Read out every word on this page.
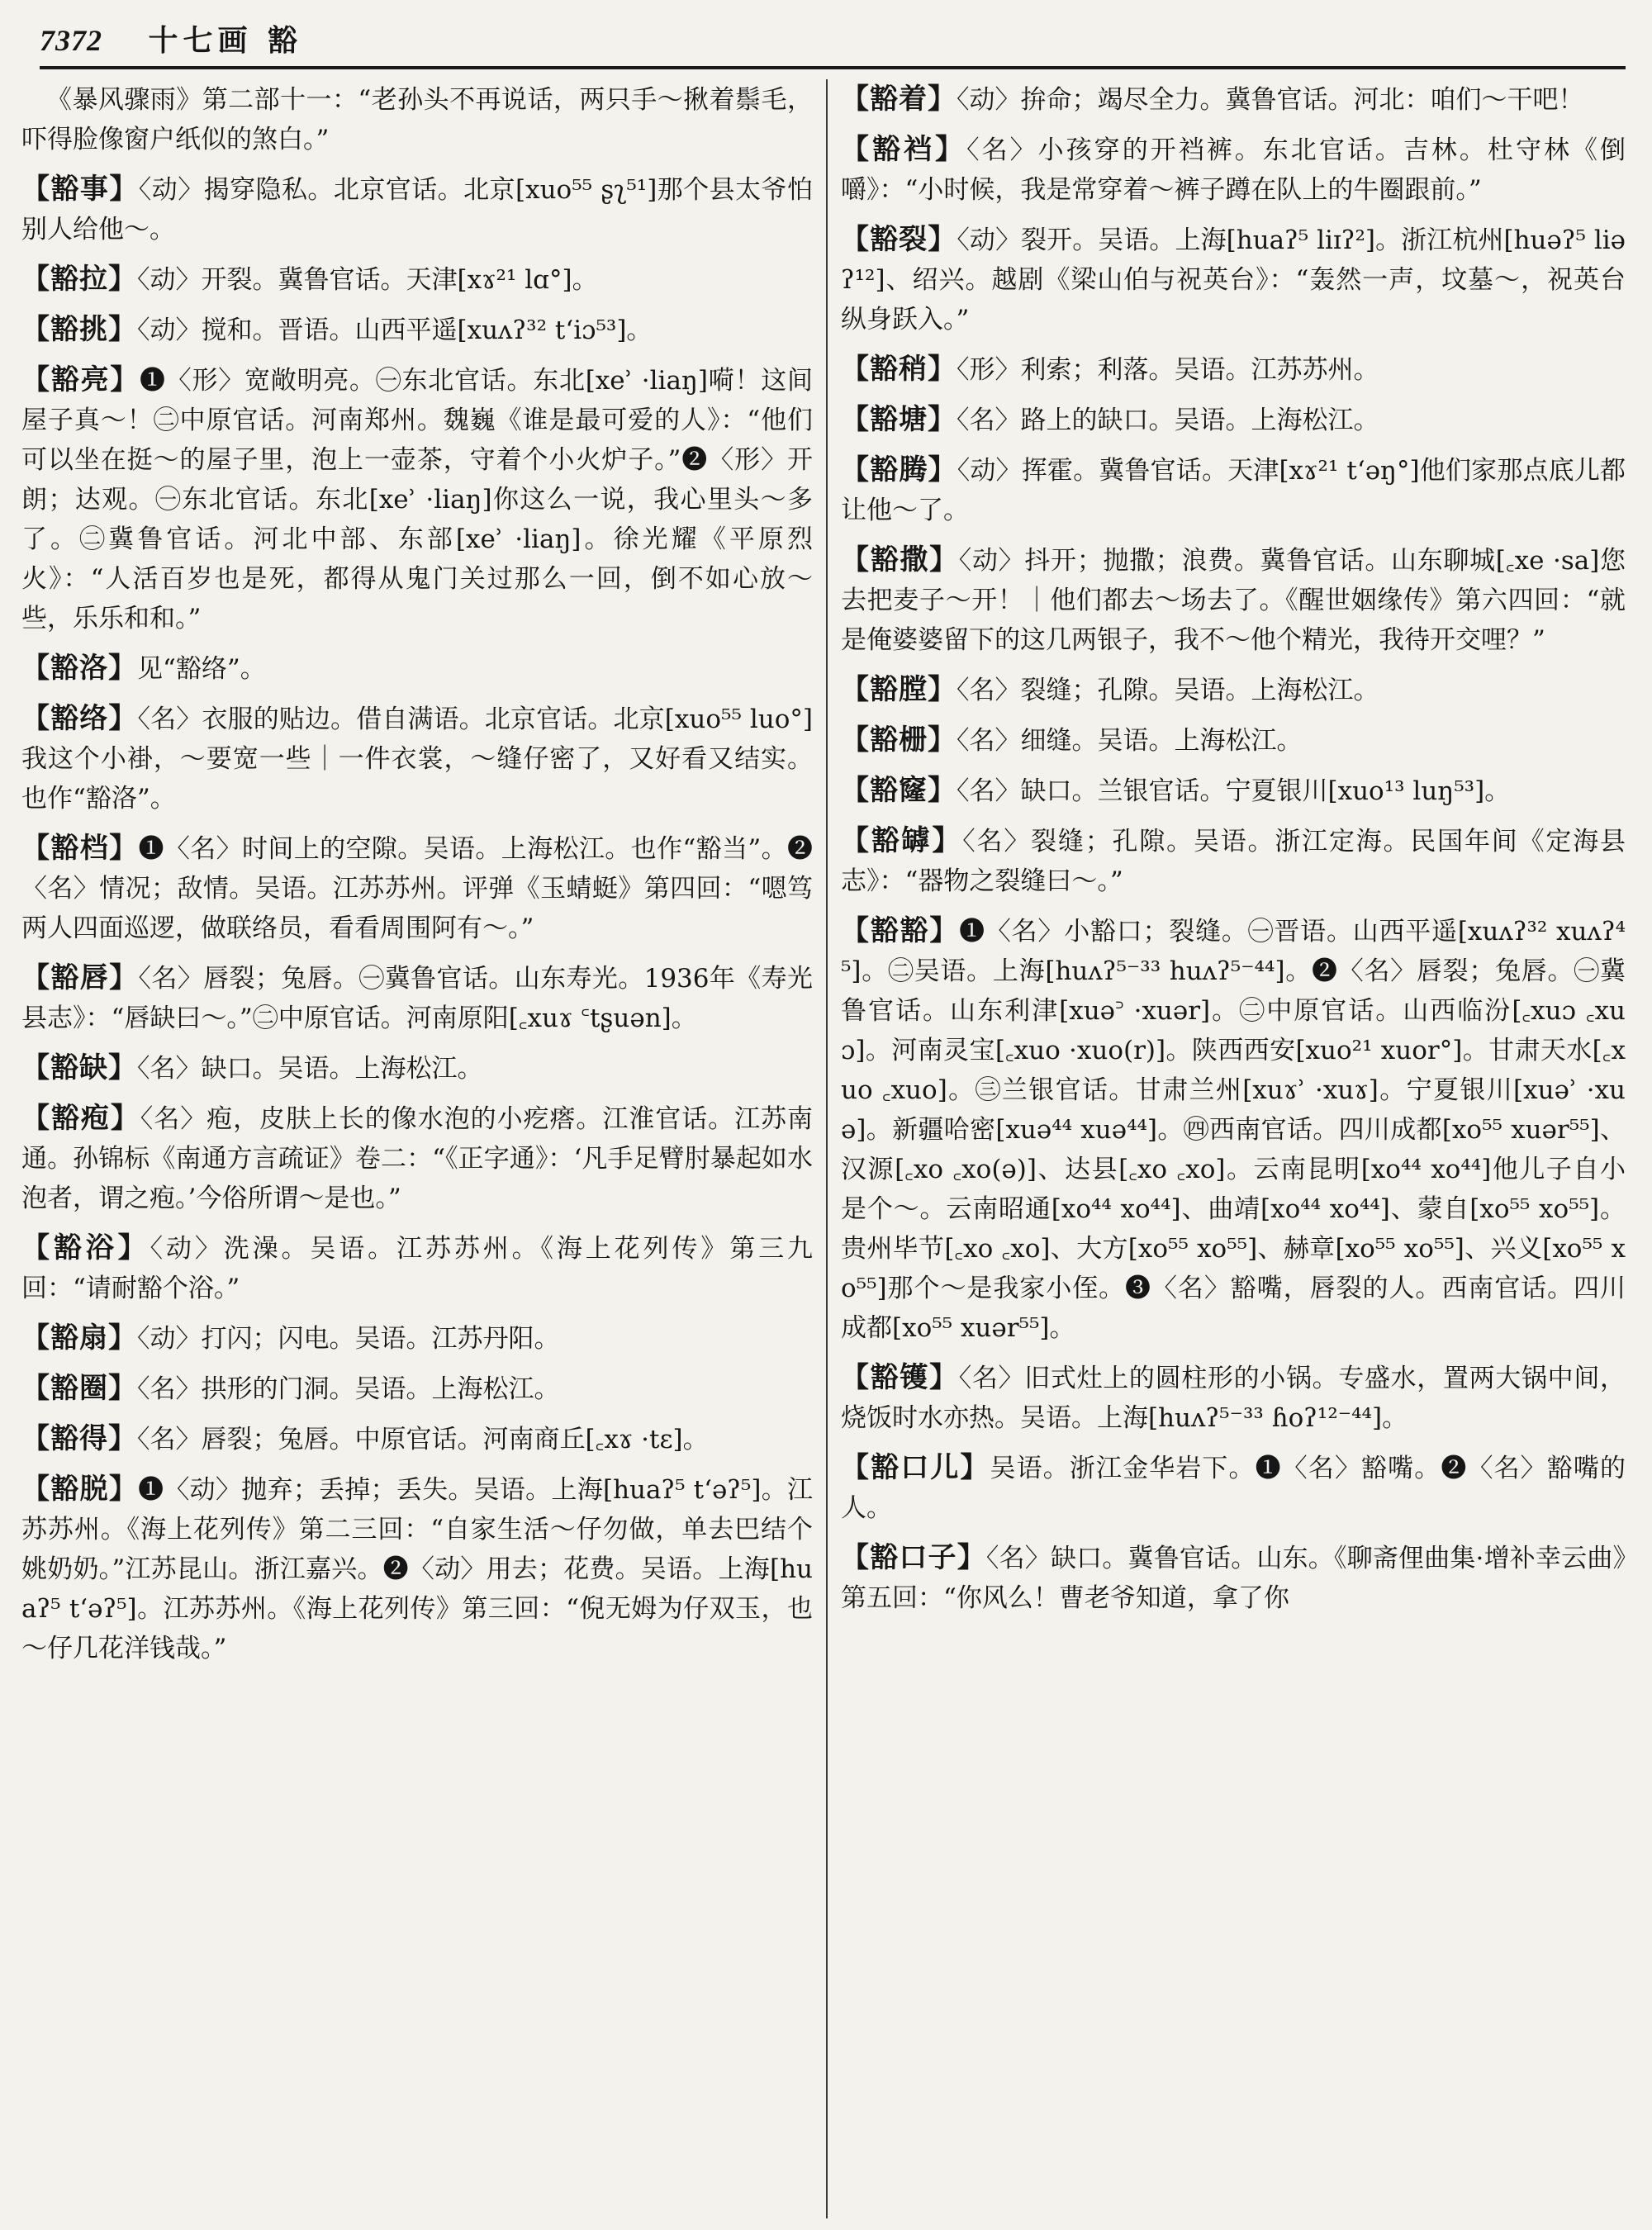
7372 十七画 豁

《暴风骤雨》第二部十一：“老孙头不再说话，两只手～揪着鬃毛，吓得脸像窗户纸似的煞白。”

【豁事】〈动〉揭穿隐私。北京官话。北京[xuo⁵⁵ ʂʅ⁵¹]那个县太爷怕别人给他～。

【豁拉】〈动〉开裂。冀鲁官话。天津[xɤ²¹ lɑ°]。

【豁挑】〈动〉搅和。晋语。山西平遥[xuʌʔ³² tʻiɔ⁵³]。

【豁亮】❶〈形〉宽敞明亮。㊀东北官话。东北[xeʾ ·liaŋ]嗬！这间屋子真～！㊁中原官话。河南郑州。魏巍《谁是最可爱的人》：“他们可以坐在挺～的屋子里，泡上一壶茶，守着个小火炉子。”❷〈形〉开朗；达观。㊀东北官话。东北[xeʾ ·liaŋ]你这么一说，我心里头～多了。㊁冀鲁官话。河北中部、东部[xeʾ ·liaŋ]。徐光耀《平原烈火》：“人活百岁也是死，都得从鬼门关过那么一回，倒不如心放～些，乐乐和和。”

【豁洛】见“豁络”。

【豁络】〈名〉衣服的贴边。借自满语。北京官话。北京[xuo⁵⁵ luo°]我这个小褂，～要宽一些｜一件衣裳，～缝仔密了，又好看又结实。也作“豁洛”。

【豁档】❶〈名〉时间上的空隙。吴语。上海松江。也作“豁当”。❷〈名〉情况；敌情。吴语。江苏苏州。评弹《玉蜻蜓》第四回：“嗯笃两人四面巡逻，做联络员，看看周围阿有～。”

【豁唇】〈名〉唇裂；兔唇。㊀冀鲁官话。山东寿光。1936年《寿光县志》：“唇缺曰～。”㊁中原官话。河南原阳[꜀xuɤ ꜂tʂuən]。

【豁缺】〈名〉缺口。吴语。上海松江。

【豁疱】〈名〉疱，皮肤上长的像水泡的小疙瘩。江淮官话。江苏南通。孙锦标《南通方言疏证》卷二：“《正字通》：‘凡手足臂肘暴起如水泡者，谓之疱。’今俗所谓～是也。”

【豁浴】〈动〉洗澡。吴语。江苏苏州。《海上花列传》第三九回：“请耐豁个浴。”

【豁扇】〈动〉打闪；闪电。吴语。江苏丹阳。

【豁圈】〈名〉拱形的门洞。吴语。上海松江。

【豁得】〈名〉唇裂；兔唇。中原官话。河南商丘[꜀xɤ ·tɛ]。

【豁脱】❶〈动〉抛弃；丢掉；丢失。吴语。上海[huaʔ⁵ tʻəʔ⁵]。江苏苏州。《海上花列传》第二三回：“自家生活～仔勿做，单去巴结个姚奶奶。”江苏昆山。浙江嘉兴。❷〈动〉用去；花费。吴语。上海[huaʔ⁵ tʻəʔ⁵]。江苏苏州。《海上花列传》第三回：“倪无姆为仔双玉，也～仔几花洋钱哉。”

【豁着】〈动〉拚命；竭尽全力。冀鲁官话。河北：咱们～干吧！

【豁裆】〈名〉小孩穿的开裆裤。东北官话。吉林。杜守林《倒嚼》：“小时候，我是常穿着～裤子蹲在队上的牛圈跟前。”

【豁裂】〈动〉裂开。吴语。上海[huaʔ⁵ liɪʔ²]。浙江杭州[huəʔ⁵ liəʔ¹²]、绍兴。越剧《梁山伯与祝英台》：“轰然一声，坟墓～，祝英台纵身跃入。”

【豁稍】〈形〉利索；利落。吴语。江苏苏州。

【豁塘】〈名〉路上的缺口。吴语。上海松江。

【豁腾】〈动〉挥霍。冀鲁官话。天津[xɤ²¹ tʻəŋ°]他们家那点底儿都让他～了。

【豁撒】〈动〉抖开；抛撒；浪费。冀鲁官话。山东聊城[꜀xe ·sa]您去把麦子～开！｜他们都去～场去了。《醒世姻缘传》第六四回：“就是俺婆婆留下的这几两银子，我不～他个精光，我待开交哩？”

【豁膛】〈名〉裂缝；孔隙。吴语。上海松江。

【豁栅】〈名〉细缝。吴语。上海松江。

【豁窿】〈名〉缺口。兰银官话。宁夏银川[xuo¹³ luŋ⁵³]。

【豁罅】〈名〉裂缝；孔隙。吴语。浙江定海。民国年间《定海县志》：“器物之裂缝曰～。”

【豁豁】❶〈名〉小豁口；裂缝。㊀晋语。山西平遥[xuʌʔ³² xuʌʔ⁴⁵]。㊁吴语。上海[huʌʔ⁵⁻³³ huʌʔ⁵⁻⁴⁴]。❷〈名〉唇裂；兔唇。㊀冀鲁官话。山东利津[xuə꜄ ·xuər]。㊁中原官话。山西临汾[꜀xuɔ ꜀xuɔ]。河南灵宝[꜀xuo ·xuo(r)]。陕西西安[xuo²¹ xuor°]。甘肃天水[꜀xuo ꜀xuo]。㊂兰银官话。甘肃兰州[xuɤʾ ·xuɤ]。宁夏银川[xuəʾ ·xuə]。新疆哈密[xuə⁴⁴ xuə⁴⁴]。㊃西南官话。四川成都[xo⁵⁵ xuər⁵⁵]、汉源[꜀xo ꜀xo(ə)]、达县[꜀xo ꜀xo]。云南昆明[xo⁴⁴ xo⁴⁴]他儿子自小是个～。云南昭通[xo⁴⁴ xo⁴⁴]、曲靖[xo⁴⁴ xo⁴⁴]、蒙自[xo⁵⁵ xo⁵⁵]。贵州毕节[꜀xo ꜀xo]、大方[xo⁵⁵ xo⁵⁵]、赫章[xo⁵⁵ xo⁵⁵]、兴义[xo⁵⁵ xo⁵⁵]那个～是我家小侄。❸〈名〉豁嘴，唇裂的人。西南官话。四川成都[xo⁵⁵ xuər⁵⁵]。

【豁镬】〈名〉旧式灶上的圆柱形的小锅。专盛水，置两大锅中间，烧饭时水亦热。吴语。上海[huʌʔ⁵⁻³³ ɦoʔ¹²⁻⁴⁴]。

【豁口儿】吴语。浙江金华岩下。❶〈名〉豁嘴。❷〈名〉豁嘴的人。

【豁口子】〈名〉缺口。冀鲁官话。山东。《聊斋俚曲集·增补幸云曲》第五回：“你风么！曹老爷知道，拿了你
